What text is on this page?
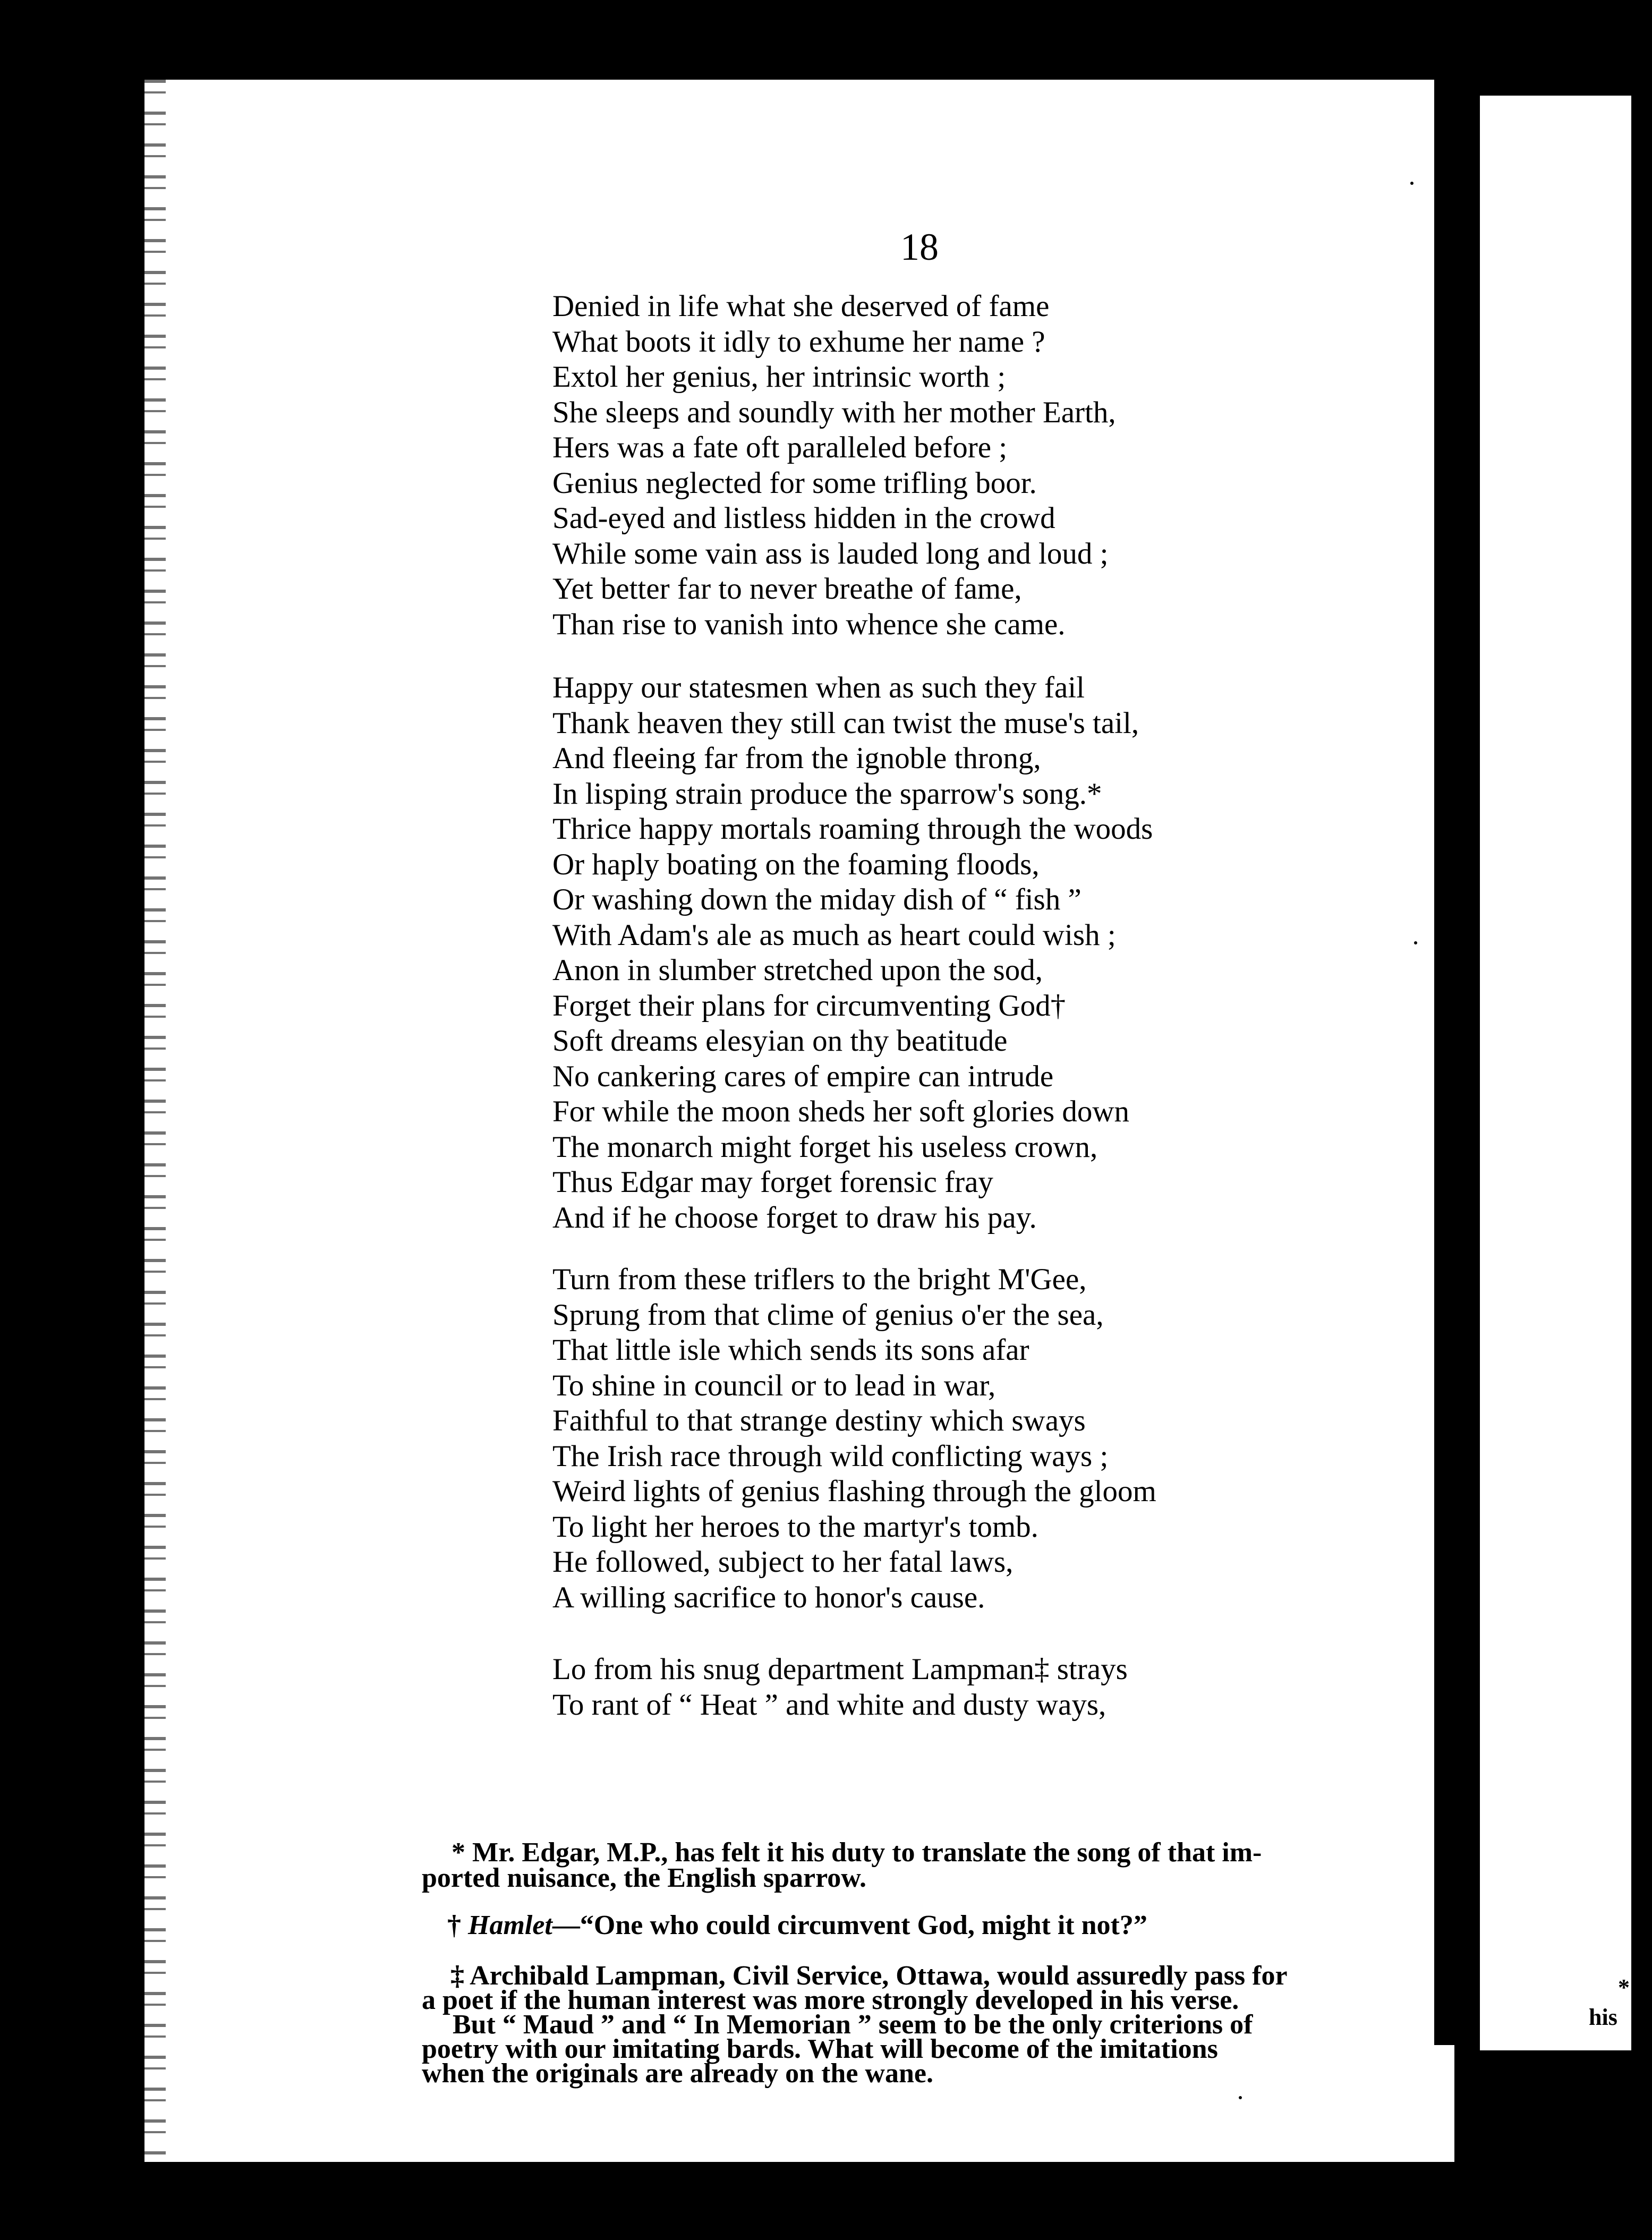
18
Denied in life what she deserved of fame
What boots it idly to exhume her name ?
Extol her genius, her intrinsic worth ;
She sleeps and soundly with her mother Earth,
Hers was a fate oft paralleled before ;
Genius neglected for some trifling boor.
Sad-eyed and listless hidden in the crowd
While some vain ass is lauded long and loud ;
Yet better far to never breathe of fame,
Than rise to vanish into whence she came.
Happy our statesmen when as such they fail
Thank heaven they still can twist the muse's tail,
And fleeing far from the ignoble throng,
In lisping strain produce the sparrow's song.*
Thrice happy mortals roaming through the woods
Or haply boating on the foaming floods,
Or washing down the miday dish of “ fish ”
With Adam's ale as much as heart could wish ;
Anon in slumber stretched upon the sod,
Forget their plans for circumventing God†
Soft dreams elesyian on thy beatitude
No cankering cares of empire can intrude
For while the moon sheds her soft glories down
The monarch might forget his useless crown,
Thus Edgar may forget forensic fray
And if he choose forget to draw his pay.
Turn from these triflers to the bright M'Gee,
Sprung from that clime of genius o'er the sea,
That little isle which sends its sons afar
To shine in council or to lead in war,
Faithful to that strange destiny which sways
The Irish race through wild conflicting ways ;
Weird lights of genius flashing through the gloom
To light her heroes to the martyr's tomb.
He followed, subject to her fatal laws,
A willing sacrifice to honor's cause.
Lo from his snug department Lampman‡ strays
To rant of “ Heat ” and white and dusty ways,
* Mr. Edgar, M.P., has felt it his duty to translate the song of that im-
ported nuisance, the English sparrow.
† Hamlet—“One who could circumvent God, might it not?”
‡ Archibald Lampman, Civil Service, Ottawa, would assuredly pass for
a poet if the human interest was more strongly developed in his verse.
But “ Maud ” and “ In Memorian ” seem to be the only criterions of
poetry with our imitating bards. What will become of the imitations
when the originals are already on the wane.
*
his
